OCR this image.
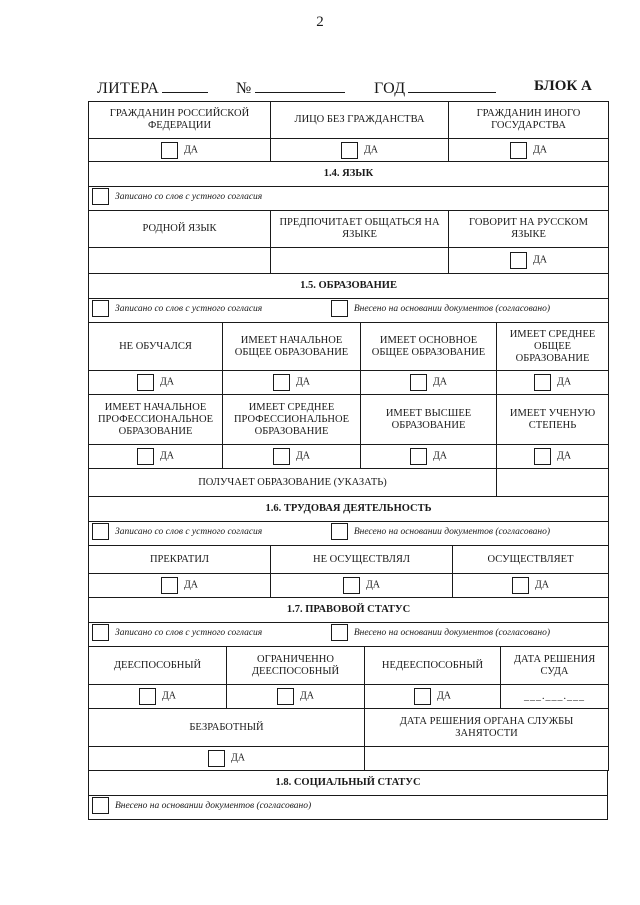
2
ЛИТЕРА	№	ГОД	БЛОК А
ГРАЖДАНИН РОССИЙСКОЙ ФЕДЕРАЦИИ	ЛИЦО БЕЗ ГРАЖДАНСТВА	ГРАЖДАНИН ИНОГО ГОСУДАРСТВА
ДА	ДА	ДА
1.4. ЯЗЫК		

Записано со слов с устного согласия		

РОДНОЙ ЯЗЫК	ПРЕДПОЧИТАЕТ ОБЩАТЬСЯ НА ЯЗЫКЕ	ГОВОРИТ НА РУССКОМ ЯЗЫКЕ
		ДА
1.5. ОБРАЗОВАНИЕ			

Записано со слов с устного согласия
Внесено на основании документов (согласовано)			

НЕ ОБУЧАЛСЯ	ИМЕЕТ НАЧАЛЬНОЕ ОБЩЕЕ ОБРАЗОВАНИЕ	ИМЕЕТ ОСНОВНОЕ ОБЩЕЕ ОБРАЗОВАНИЕ	ИМЕЕТ СРЕДНЕЕ ОБЩЕЕ ОБРАЗОВАНИЕ
ДА	ДА	ДА	ДА
ИМЕЕТ НАЧАЛЬНОЕ ПРОФЕССИОНАЛЬНОЕ ОБРАЗОВАНИЕ	ИМЕЕТ СРЕДНЕЕ ПРОФЕССИОНАЛЬНОЕ ОБРАЗОВАНИЕ	ИМЕЕТ ВЫСШЕЕ ОБРАЗОВАНИЕ	ИМЕЕТ УЧЕНУЮ СТЕПЕНЬ
ДА	ДА	ДА	ДА
ПОЛУЧАЕТ ОБРАЗОВАНИЕ (УКАЗАТЬ)			
1.6. ТРУДОВАЯ ДЕЯТЕЛЬНОСТЬ		

Записано со слов с устного согласия
Внесено на основании документов (согласовано)		

ПРЕКРАТИЛ	НЕ ОСУЩЕСТВЛЯЛ	ОСУЩЕСТВЛЯЕТ
ДА	ДА	ДА
1.7. ПРАВОВОЙ СТАТУС			

Записано со слов с устного согласия
Внесено на основании документов (согласовано)			

ДЕЕСПОСОБНЫЙ	ОГРАНИЧЕННО ДЕЕСПОСОБНЫЙ	НЕДЕЕСПОСОБНЫЙ	ДАТА РЕШЕНИЯ СУДА
ДА	ДА	ДА	___.___.___
БЕЗРАБОТНЫЙ	ДАТА РЕШЕНИЯ ОРГАНА СЛУЖБЫ ЗАНЯТОСТИ
ДА	
1.8. СОЦИАЛЬНЫЙ СТАТУС

Внесено на основании документов (согласовано)
